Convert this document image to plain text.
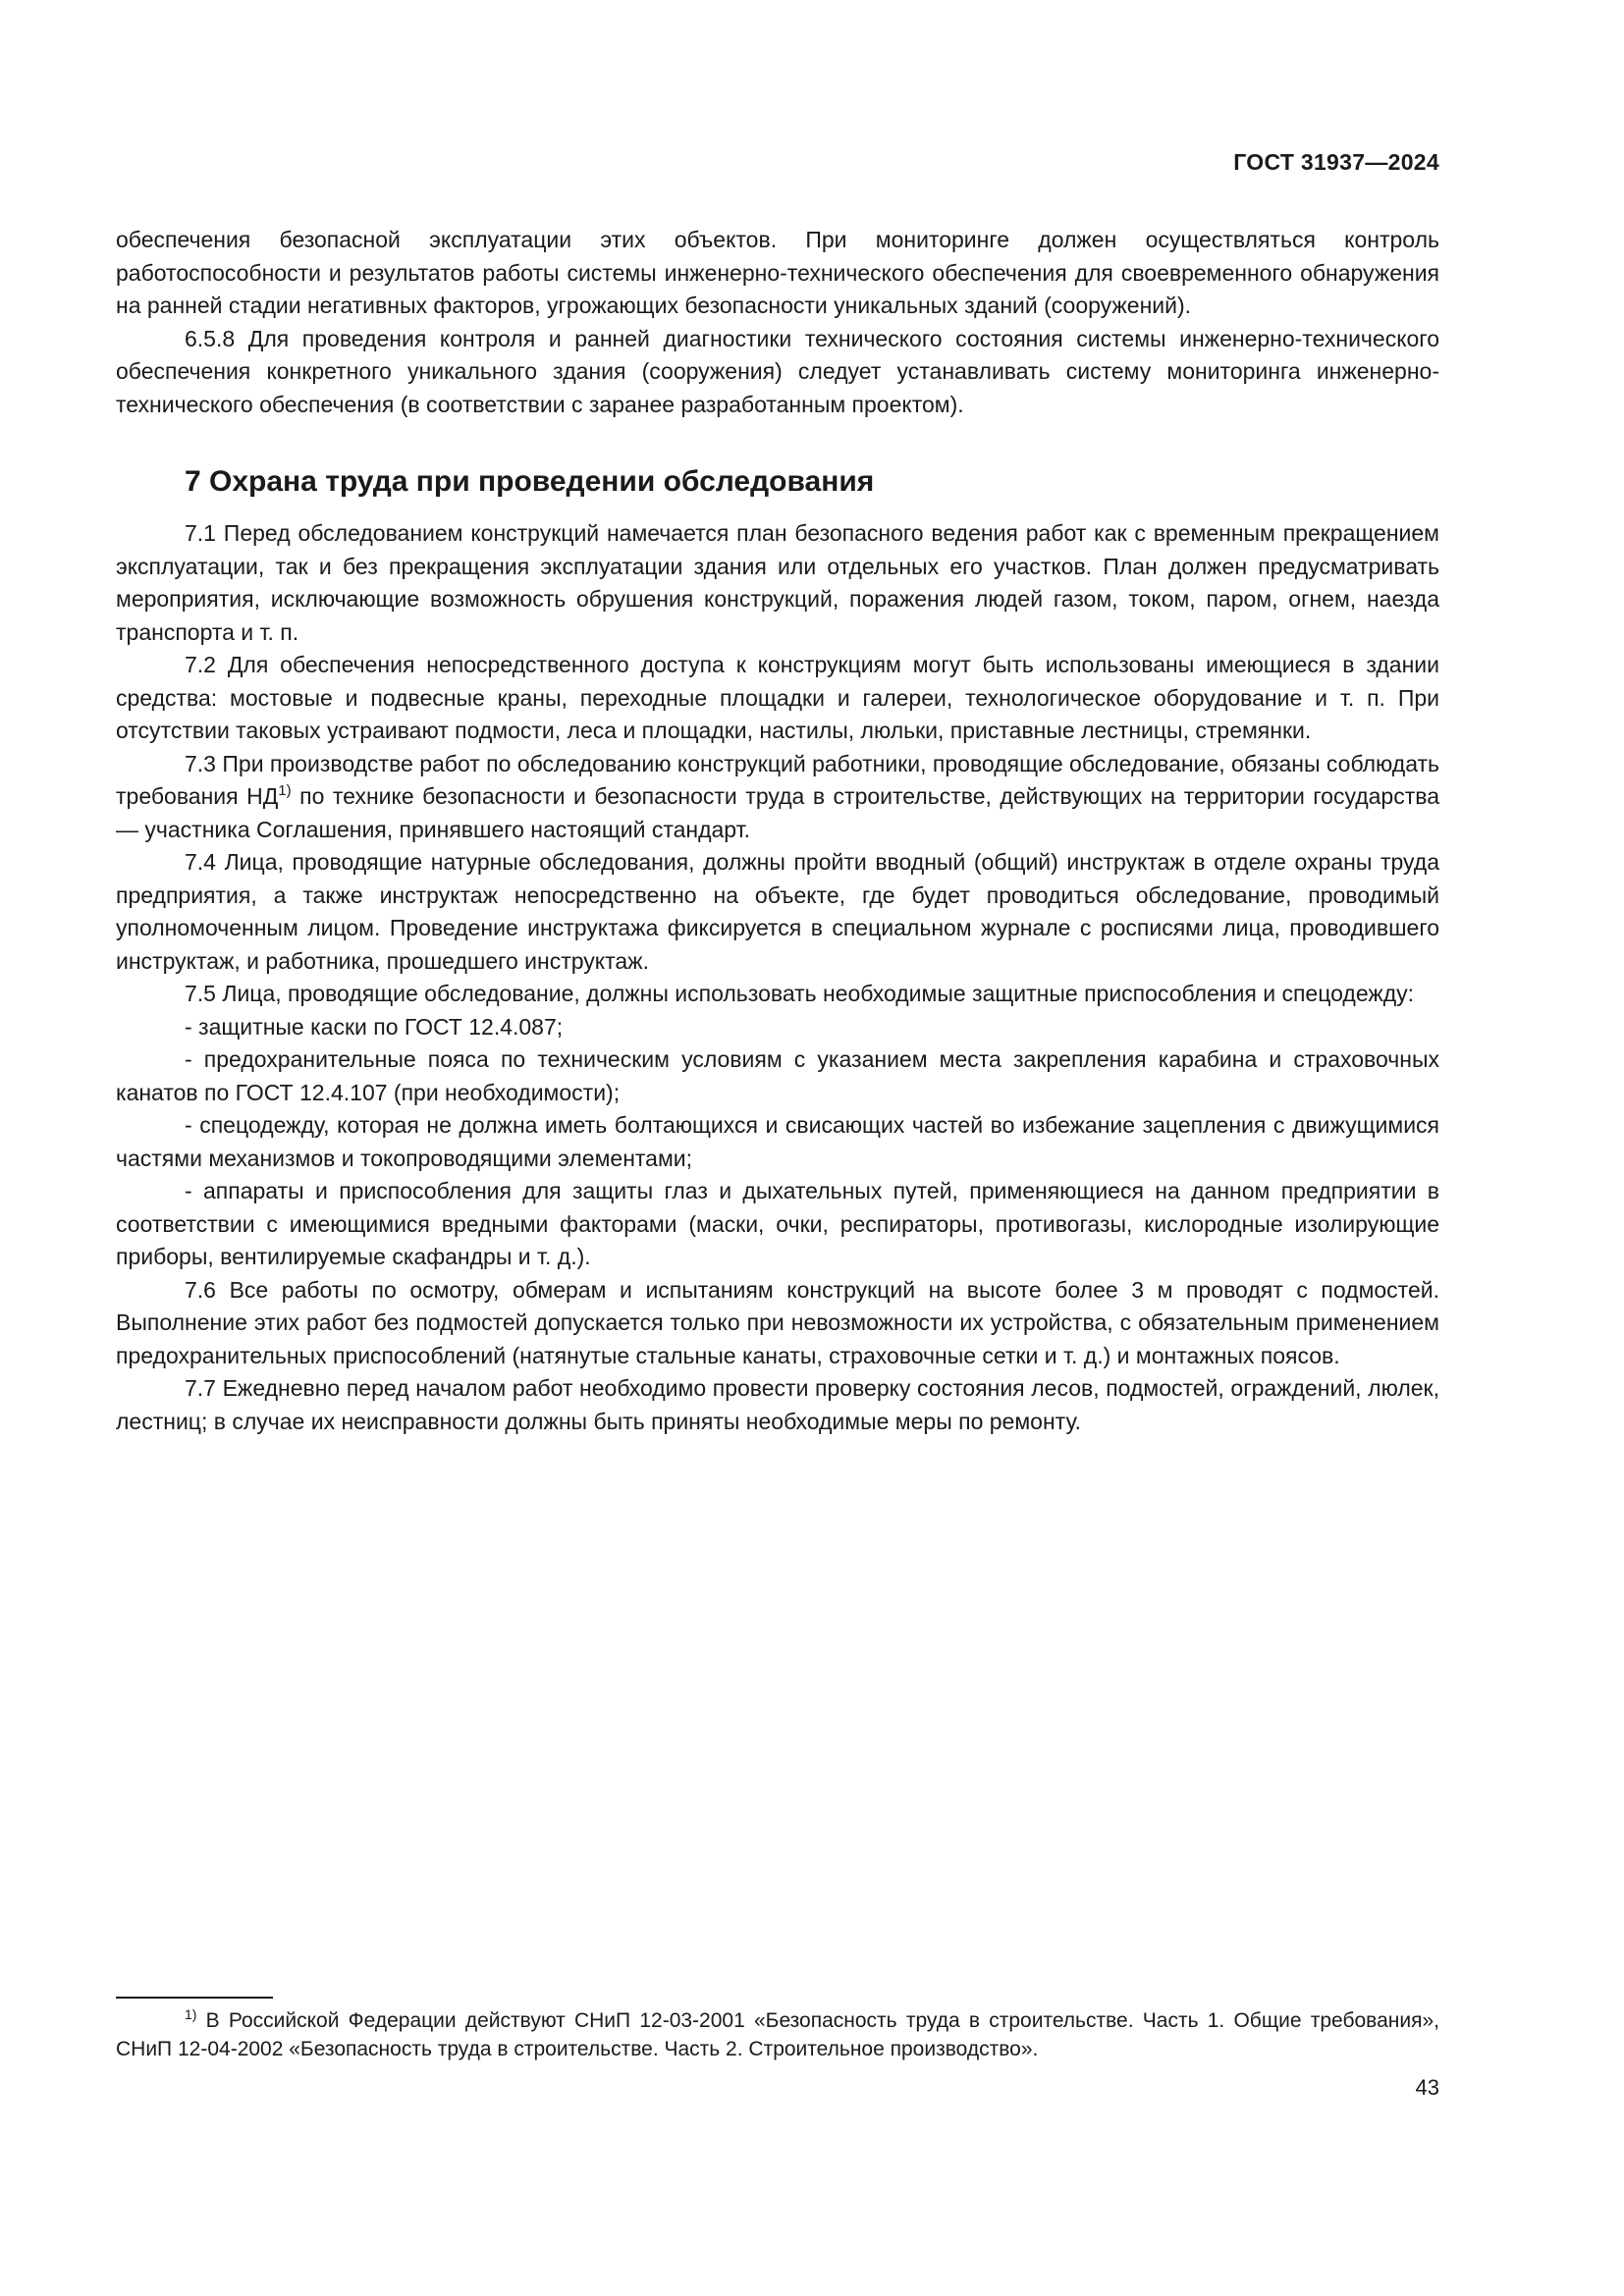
ГОСТ 31937—2024

обеспечения безопасной эксплуатации этих объектов. При мониторинге должен осуществляться контроль работоспособности и результатов работы системы инженерно-технического обеспечения для своевременного обнаружения на ранней стадии негативных факторов, угрожающих безопасности уникальных зданий (сооружений).

6.5.8 Для проведения контроля и ранней диагностики технического состояния системы инженерно-технического обеспечения конкретного уникального здания (сооружения) следует устанавливать систему мониторинга инженерно-технического обеспечения (в соответствии с заранее разработанным проектом).

7 Охрана труда при проведении обследования

7.1 Перед обследованием конструкций намечается план безопасного ведения работ как с временным прекращением эксплуатации, так и без прекращения эксплуатации здания или отдельных его участков. План должен предусматривать мероприятия, исключающие возможность обрушения конструкций, поражения людей газом, током, паром, огнем, наезда транспорта и т. п.

7.2 Для обеспечения непосредственного доступа к конструкциям могут быть использованы имеющиеся в здании средства: мостовые и подвесные краны, переходные площадки и галереи, технологическое оборудование и т. п. При отсутствии таковых устраивают подмости, леса и площадки, настилы, люльки, приставные лестницы, стремянки.

7.3 При производстве работ по обследованию конструкций работники, проводящие обследование, обязаны соблюдать требования НД$^{1)}$ по технике безопасности и безопасности труда в строительстве, действующих на территории государства — участника Соглашения, принявшего настоящий стандарт.

7.4 Лица, проводящие натурные обследования, должны пройти вводный (общий) инструктаж в отделе охраны труда предприятия, а также инструктаж непосредственно на объекте, где будет проводиться обследование, проводимый уполномоченным лицом. Проведение инструктажа фиксируется в специальном журнале с росписями лица, проводившего инструктаж, и работника, прошедшего инструктаж.

7.5 Лица, проводящие обследование, должны использовать необходимые защитные приспособления и спецодежду:

- защитные каски по ГОСТ 12.4.087;

- предохранительные пояса по техническим условиям с указанием места закрепления карабина и страховочных канатов по ГОСТ 12.4.107 (при необходимости);

- спецодежду, которая не должна иметь болтающихся и свисающих частей во избежание зацепления с движущимися частями механизмов и токопроводящими элементами;

- аппараты и приспособления для защиты глаз и дыхательных путей, применяющиеся на данном предприятии в соответствии с имеющимися вредными факторами (маски, очки, респираторы, противогазы, кислородные изолирующие приборы, вентилируемые скафандры и т. д.).

7.6 Все работы по осмотру, обмерам и испытаниям конструкций на высоте более 3 м проводят с подмостей. Выполнение этих работ без подмостей допускается только при невозможности их устройства, с обязательным применением предохранительных приспособлений (натянутые стальные канаты, страховочные сетки и т. д.) и монтажных поясов.

7.7 Ежедневно перед началом работ необходимо провести проверку состояния лесов, подмостей, ограждений, люлек, лестниц; в случае их неисправности должны быть приняты необходимые меры по ремонту.

$^{1)}$ В Российской Федерации действуют СНиП 12-03-2001 «Безопасность труда в строительстве. Часть 1. Общие требования», СНиП 12-04-2002 «Безопасность труда в строительстве. Часть 2. Строительное производство».

43
